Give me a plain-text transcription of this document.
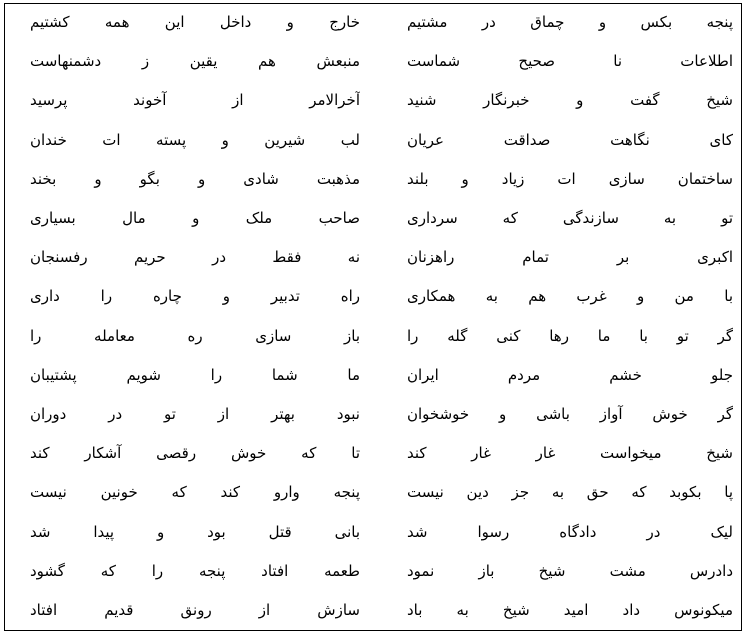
پنجه بکس و چماق در مشتیم
خارج و داخل این همه کشتیم
اطلاعات نا صحیح شماست
منبعش هم یقین ز دشمنهاست
شیخ گفت و خبرنگار شنید
آخرالامر از آخوند پرسید
کای نگاهت صداقت عریان
لب شیرین و پسته ات خندان
ساختمان سازی ات زیاد و بلند
مذهبت شادی و بگو و بخند
تو به سازندگی که سرداری
صاحب ملک و مال بسیاری
اکبری بر تمام راهزنان
نه فقط در حریم رفسنجان
با من و غرب هم به همکاری
راه تدبیر و چاره را داری
گر تو با ما رها کنی گله را
باز سازی ره معامله را
جلو خشم مردم ایران
ما شما را شویم پشتیبان
گر خوش آواز باشی و خوشخوان
نبود بهتر از تو در دوران
شیخ میخواست غار غار کند
تا که خوش رقصی آشکار کند
پا بکوبد که حق به جز دین نیست
پنجه وارو کند که خونین نیست
لیک در دادگاه رسوا شد
بانی قتل بود و پیدا شد
دادرس مشت شیخ باز نمود
طعمه افتاد پنجه را که گشود
میکونوس داد امید شیخ به باد
سازش از رونق قدیم افتاد
